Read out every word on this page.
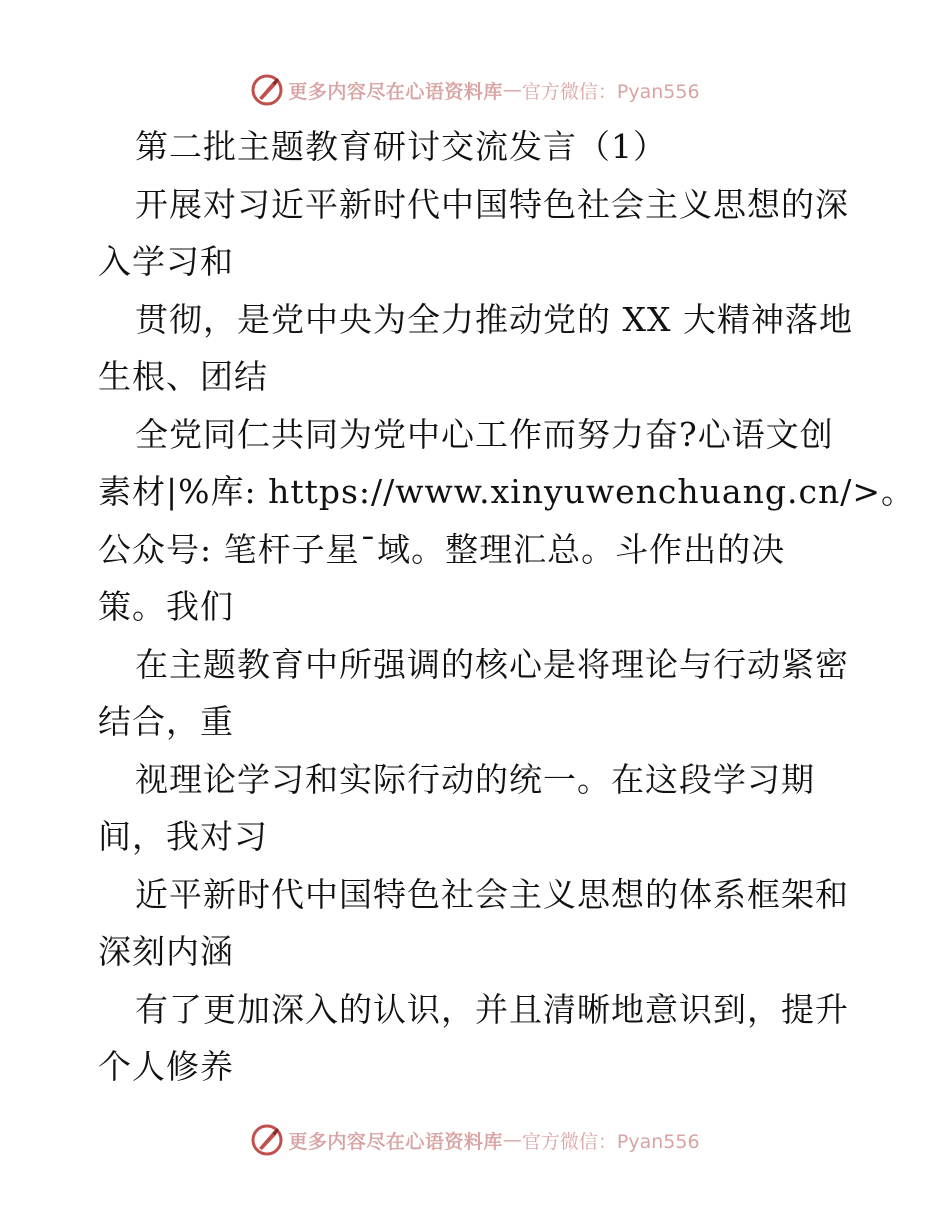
更多内容尽在心语资料库 — 官方微信：Pyan556
第二批主题教育研讨交流发言（1）
开展对习近平新时代中国特色社会主义思想的深
入学习和
贯彻，是党中央为全力推动党的 XX 大精神落地
生根、团结
全党同仁共同为党中心工作而努力奋?心语文创
素材|%库: https://www.xinyuwenchuang.cn/>。
公众号: 笔杆子星¯域。整理汇总。斗作出的决
策。我们
在主题教育中所强调的核心是将理论与行动紧密
结合，重
视理论学习和实际行动的统一。在这段学习期
间，我对习
近平新时代中国特色社会主义思想的体系框架和
深刻内涵
有了更加深入的认识，并且清晰地意识到，提升
个人修养
更多内容尽在心语资料库 — 官方微信：Pyan556
